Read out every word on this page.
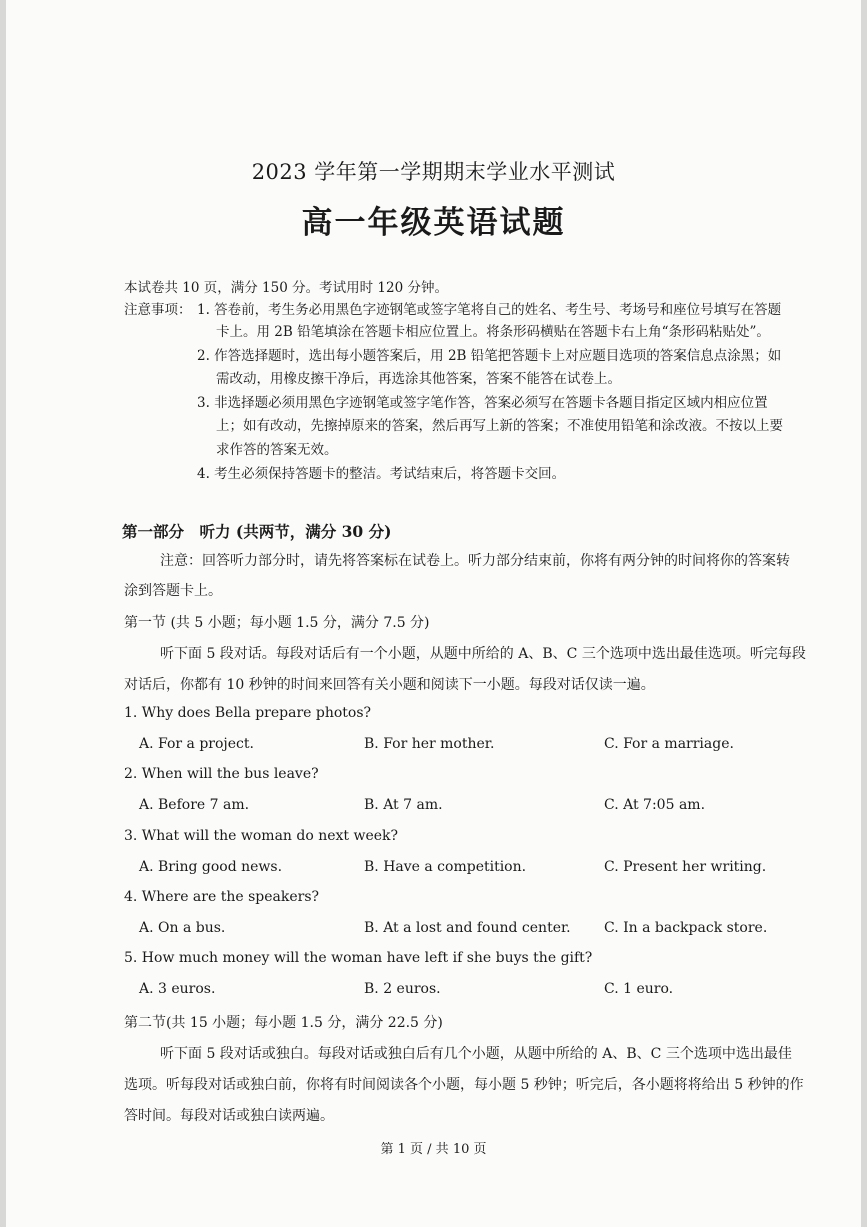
2023 学年第一学期期末学业水平测试
高一年级英语试题
本试卷共 10 页，满分 150 分。考试用时 120 分钟。
注意事项： 1. 答卷前，考生务必用黑色字迹钢笔或签字笔将自己的姓名、考生号、考场号和座位号填写在答题
卡上。用 2B 铅笔填涂在答题卡相应位置上。将条形码横贴在答题卡右上角“条形码粘贴处”。
2. 作答选择题时，选出每小题答案后，用 2B 铅笔把答题卡上对应题目选项的答案信息点涂黑；如
需改动，用橡皮擦干净后，再选涂其他答案，答案不能答在试卷上。
3. 非选择题必须用黑色字迹钢笔或签字笔作答，答案必须写在答题卡各题目指定区域内相应位置
上；如有改动，先擦掉原来的答案，然后再写上新的答案；不准使用铅笔和涂改液。不按以上要
求作答的答案无效。
4. 考生必须保持答题卡的整洁。考试结束后，将答题卡交回。
第一部分　听力 (共两节，满分 30 分)
注意：回答听力部分时，请先将答案标在试卷上。听力部分结束前，你将有两分钟的时间将你的答案转
涂到答题卡上。
第一节 (共 5 小题；每小题 1.5 分，满分 7.5 分)
听下面 5 段对话。每段对话后有一个小题，从题中所给的 A、B、C 三个选项中选出最佳选项。听完每段
对话后，你都有 10 秒钟的时间来回答有关小题和阅读下一小题。每段对话仅读一遍。
1. Why does Bella prepare photos?
A. For a project.	B. For her mother.	C. For a marriage.
2. When will the bus leave?
A. Before 7 am.	B. At 7 am.	C. At 7:05 am.
3. What will the woman do next week?
A. Bring good news.	B. Have a competition.	C. Present her writing.
4. Where are the speakers?
A. On a bus.	B. At a lost and found center. C. In a backpack store.
5. How much money will the woman have left if she buys the gift?
A. 3 euros.	B. 2 euros.	C. 1 euro.
第二节(共 15 小题；每小题 1.5 分，满分 22.5 分)
听下面 5 段对话或独白。每段对话或独白后有几个小题，从题中所给的 A、B、C 三个选项中选出最佳
选项。听每段对话或独白前，你将有时间阅读各个小题，每小题 5 秒钟；听完后，各小题将将给出 5 秒钟的作
答时间。每段对话或独白读两遍。
第 1 页 / 共 10 页
